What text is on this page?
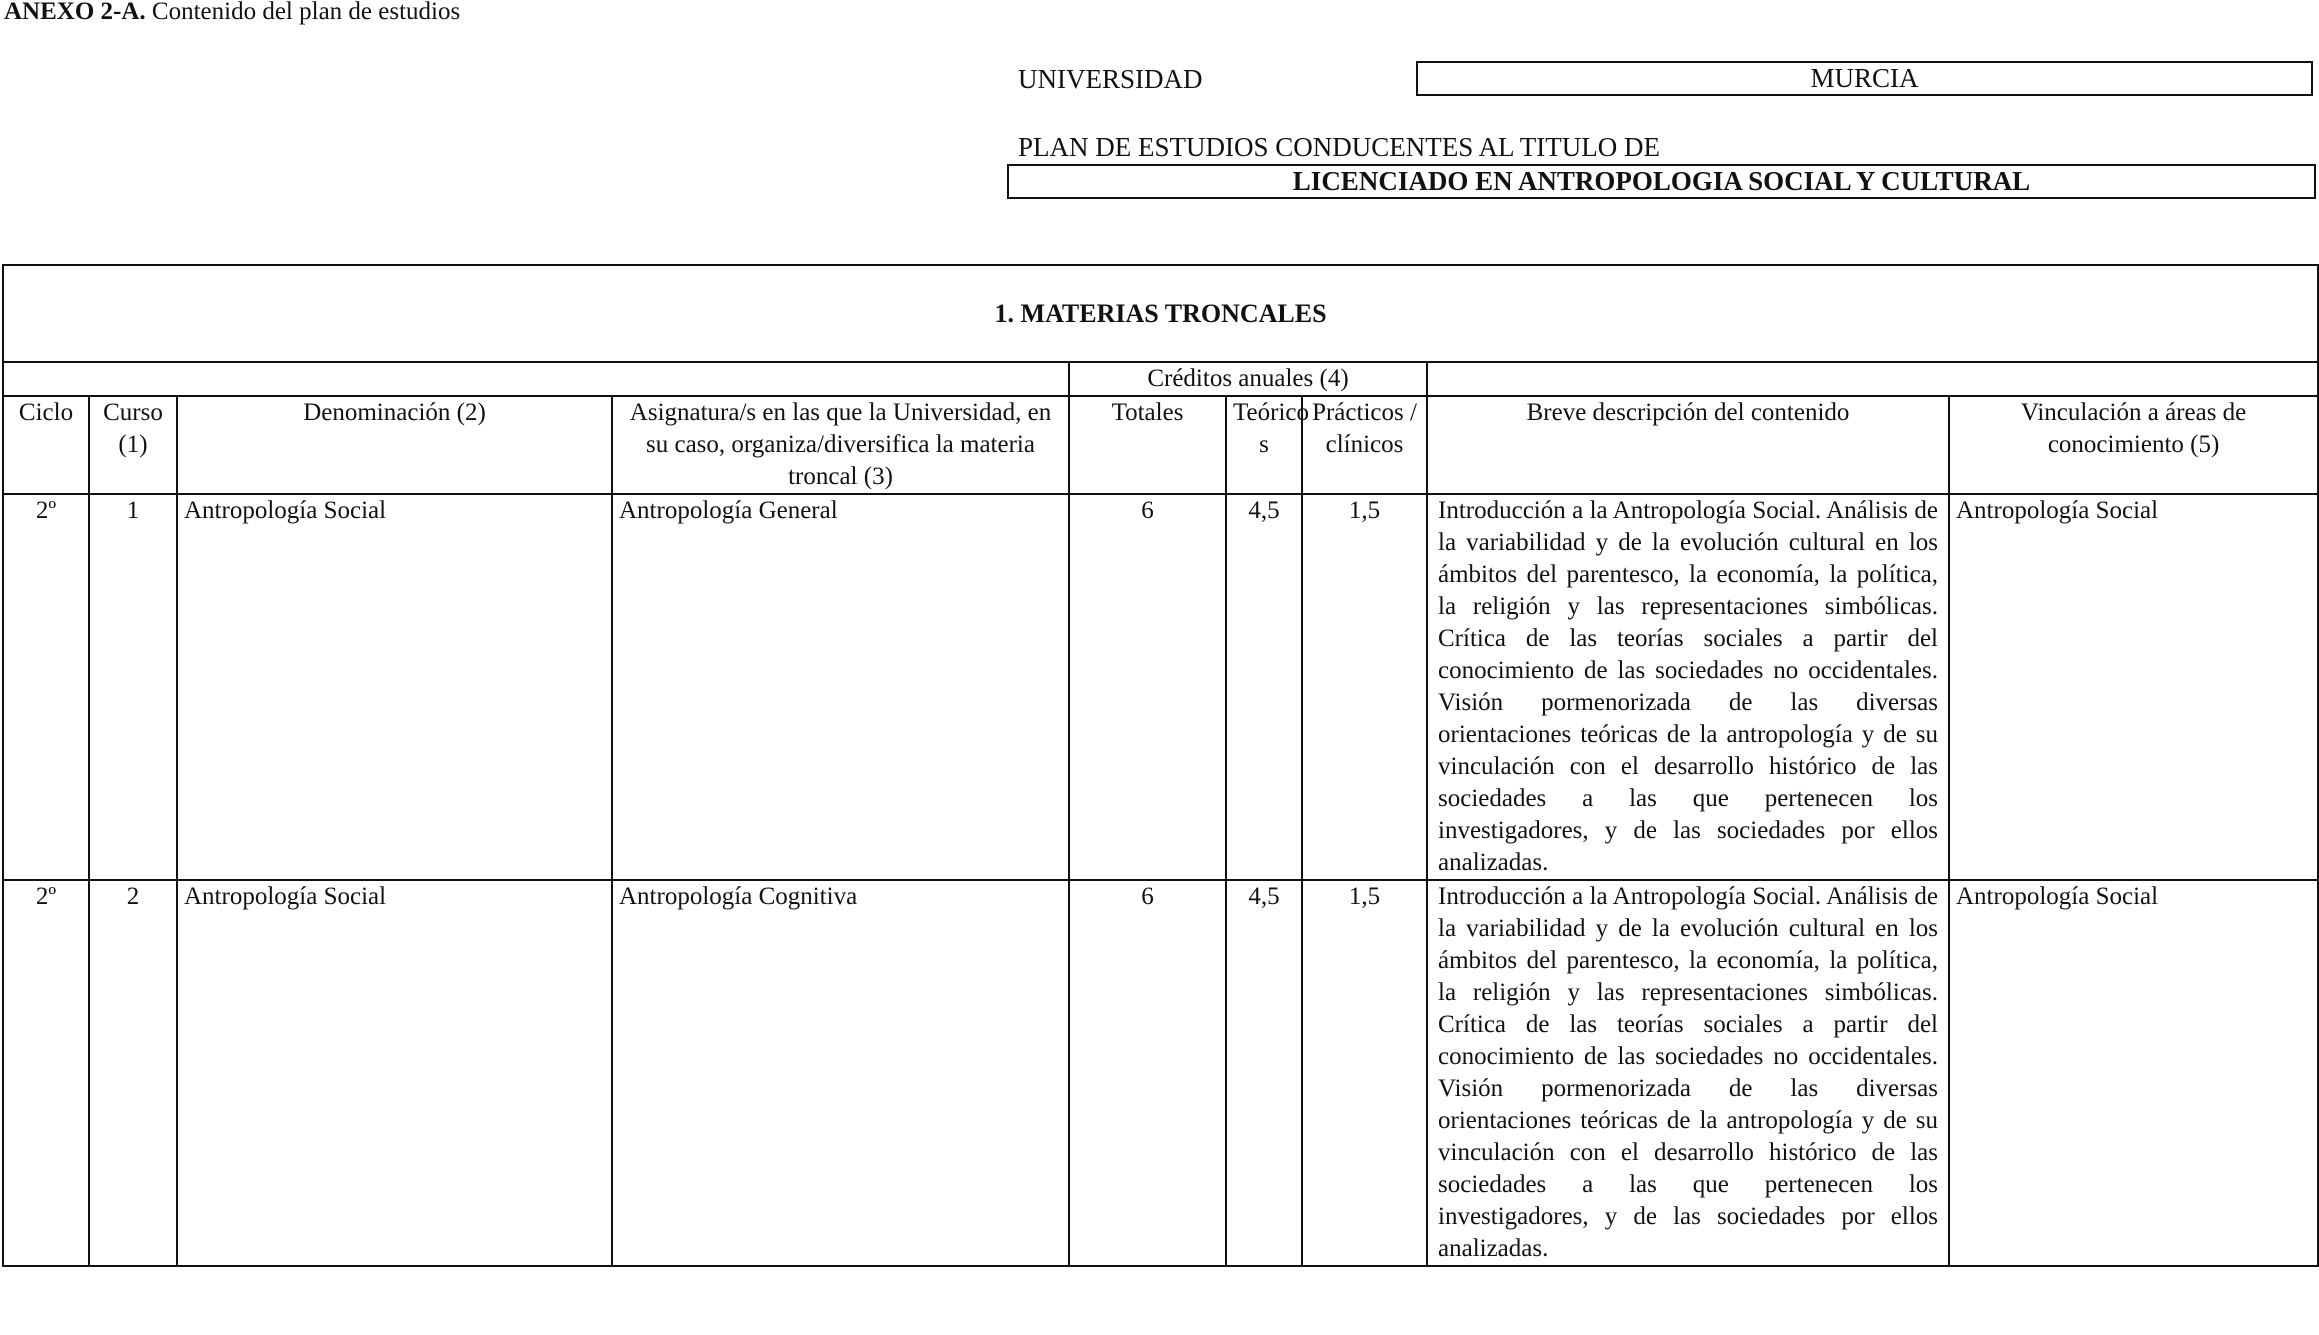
ANEXO 2-A. Contenido del plan de estudios
UNIVERSIDAD	MURCIA
PLAN DE ESTUDIOS CONDUCENTES AL TITULO DE
LICENCIADO EN ANTROPOLOGIA SOCIAL Y CULTURAL
1. MATERIAS TRONCALES								
				Créditos anuales (4)				
Ciclo	Curso (1)	Denominación (2)	Asignatura/s en las que la Universidad, en su caso, organiza/diversifica la materia troncal (3)	Totales	Teórico s	Prácticos / clínicos	Breve descripción del contenido	Vinculación a áreas de conocimiento (5)
2º	1	Antropología Social	Antropología General	6	4,5	1,5	Introducción a la Antropología Social. Análisis de la variabilidad y de la evolución cultural en los ámbitos del parentesco, la economía, la política, la religión y las representaciones simbólicas. Crítica de las teorías sociales a partir del conocimiento de las sociedades no occidentales. Visión pormenorizada de las diversas orientaciones teóricas de la antropología y de su vinculación con el desarrollo histórico de las sociedades a las que pertenecen los investigadores, y de las sociedades por ellos analizadas.	Antropología Social
2º	2	Antropología Social	Antropología Cognitiva	6	4,5	1,5	Introducción a la Antropología Social. Análisis de la variabilidad y de la evolución cultural en los ámbitos del parentesco, la economía, la política, la religión y las representaciones simbólicas. Crítica de las teorías sociales a partir del conocimiento de las sociedades no occidentales. Visión pormenorizada de las diversas orientaciones teóricas de la antropología y de su vinculación con el desarrollo histórico de las sociedades a las que pertenecen los investigadores, y de las sociedades por ellos analizadas.	Antropología Social
